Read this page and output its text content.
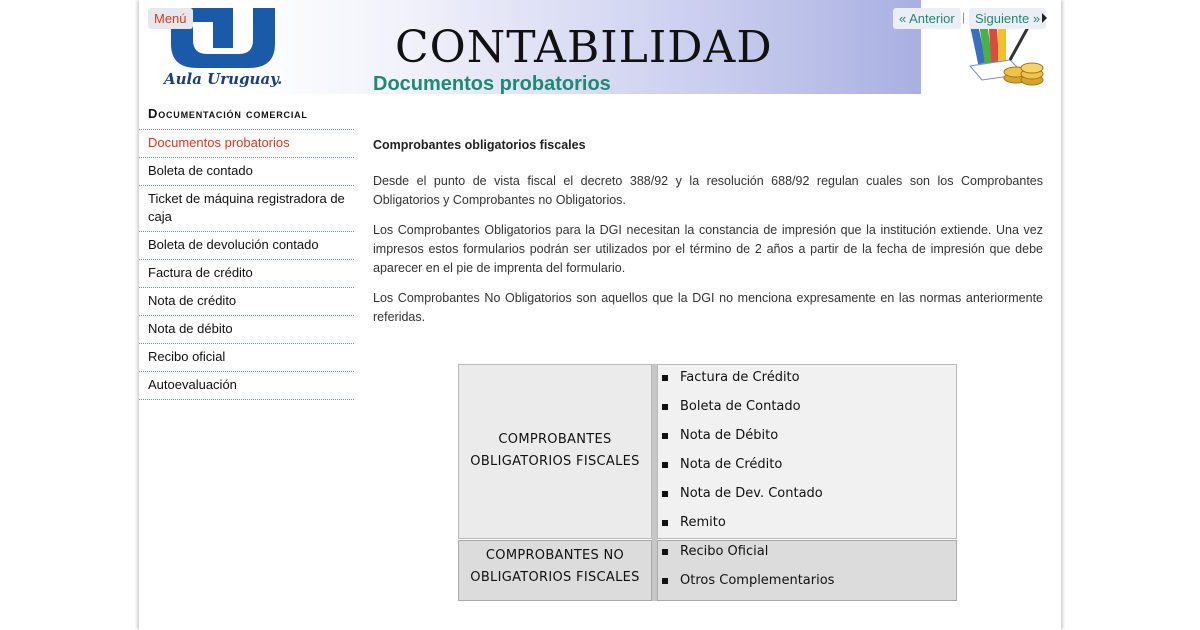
CONTABILIDAD
« Anterior | Siguiente »
Documentos probatorios
Aula Uruguay.
Menú
Documentación comercial
Documentos probatorios
Boleta de contado
Ticket de máquina registradora de caja
Boleta de devolución contado
Factura de crédito
Nota de crédito
Nota de débito
Recibo oficial
Autoevaluación

Comprobantes obligatorios fiscales

Desde el punto de vista fiscal el decreto 388/92 y la resolución 688/92 regulan cuales son los Comprobantes Obligatorios y Comprobantes no Obligatorios.

Los Comprobantes Obligatorios para la DGI necesitan la constancia de impresión que la institución extiende. Una vez impresos estos formularios podrán ser utilizados por el término de 2 años a partir de la fecha de impresión que debe aparecer en el pie de imprenta del formulario.

Los Comprobantes No Obligatorios son aquellos que la DGI no menciona expresamente en las normas anteriormente referidas.

COMPROBANTES
OBLIGATORIOS FISCALES
COMPROBANTES NO
OBLIGATORIOS FISCALES
Factura de Crédito
Boleta de Contado
Nota de Débito
Nota de Crédito
Nota de Dev. Contado
Remito
Recibo Oficial
Otros Complementarios
